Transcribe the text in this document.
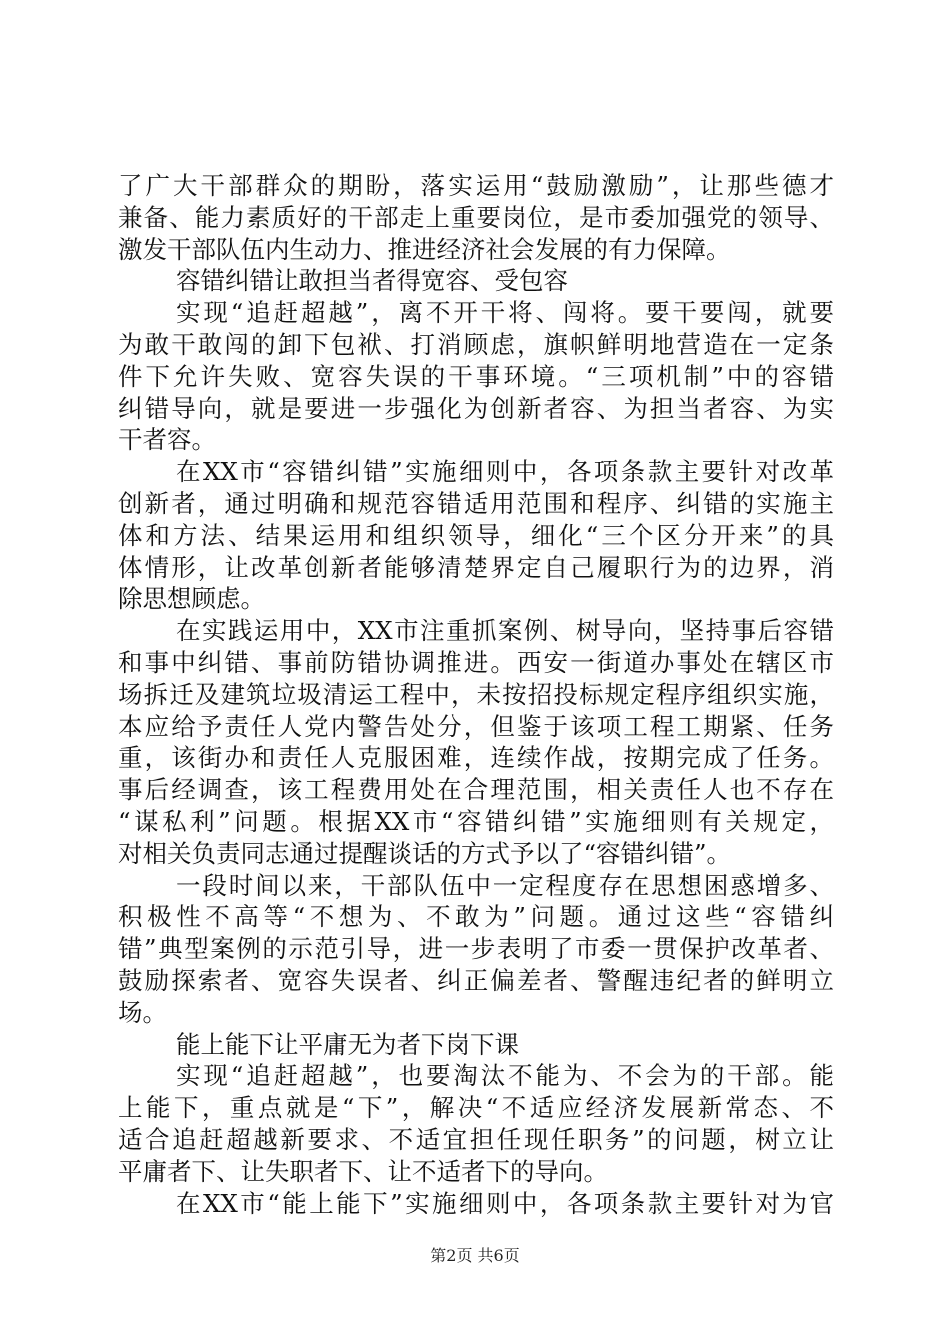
了广大干部群众的期盼，落实运用“鼓励激励”，让那些德才
兼备、能力素质好的干部走上重要岗位，是市委加强党的领导、
激发干部队伍内生动力、推进经济社会发展的有力保障。
容错纠错让敢担当者得宽容、受包容
实现“追赶超越”，离不开干将、闯将。要干要闯，就要
为敢干敢闯的卸下包袱、打消顾虑，旗帜鲜明地营造在一定条
件下允许失败、宽容失误的干事环境。“三项机制”中的容错
纠错导向，就是要进一步强化为创新者容、为担当者容、为实
干者容。
在XX市“容错纠错”实施细则中，各项条款主要针对改革
创新者，通过明确和规范容错适用范围和程序、纠错的实施主
体和方法、结果运用和组织领导，细化“三个区分开来”的具
体情形，让改革创新者能够清楚界定自己履职行为的边界，消
除思想顾虑。
在实践运用中，XX市注重抓案例、树导向，坚持事后容错
和事中纠错、事前防错协调推进。西安一街道办事处在辖区市
场拆迁及建筑垃圾清运工程中，未按招投标规定程序组织实施，
本应给予责任人党内警告处分，但鉴于该项工程工期紧、任务
重，该街办和责任人克服困难，连续作战，按期完成了任务。
事后经调查，该工程费用处在合理范围，相关责任人也不存在
“谋私利”问题。根据XX市“容错纠错”实施细则有关规定，
对相关负责同志通过提醒谈话的方式予以了“容错纠错”。
一段时间以来，干部队伍中一定程度存在思想困惑增多、
积极性不高等“不想为、不敢为”问题。通过这些“容错纠
错”典型案例的示范引导，进一步表明了市委一贯保护改革者、
鼓励探索者、宽容失误者、纠正偏差者、警醒违纪者的鲜明立
场。
能上能下让平庸无为者下岗下课
实现“追赶超越”，也要淘汰不能为、不会为的干部。能
上能下，重点就是“下”，解决“不适应经济发展新常态、不
适合追赶超越新要求、不适宜担任现任职务”的问题，树立让
平庸者下、让失职者下、让不适者下的导向。
在XX市“能上能下”实施细则中，各项条款主要针对为官
第2页 共6页
